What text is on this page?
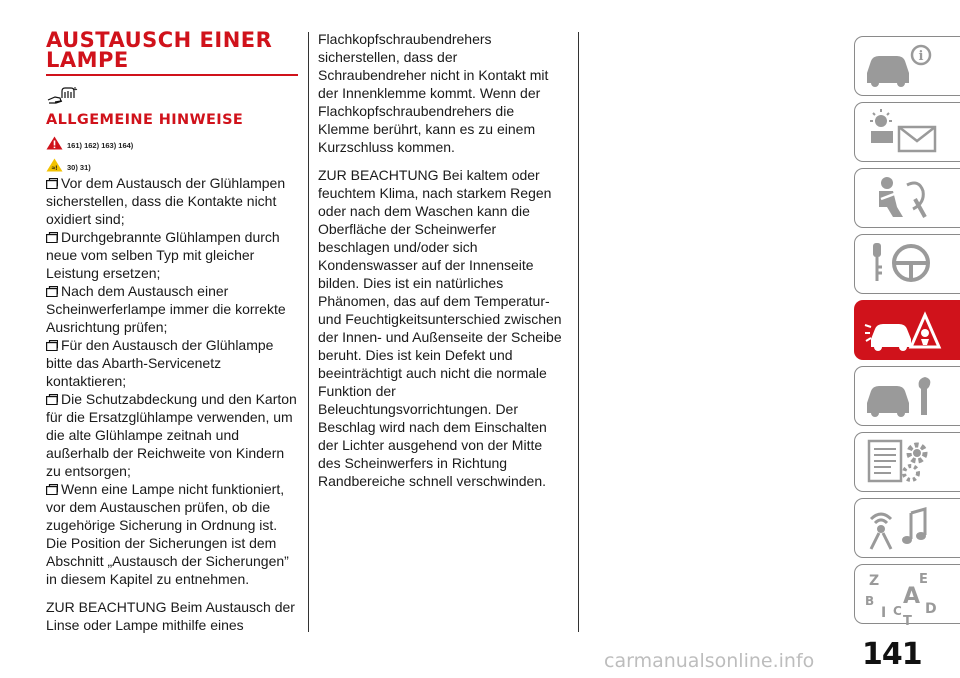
AUSTAUSCH EINER LAMPE
ALLGEMEINE HINWEISE
161) 162) 163) 164)
≈! 30) 31)

Vor dem Austausch der Glühlampen sicherstellen, dass die Kontakte nicht oxidiert sind;

Durchgebrannte Glühlampen durch neue vom selben Typ mit gleicher Leistung ersetzen;

Nach dem Austausch einer Scheinwerferlampe immer die korrekte Ausrichtung prüfen;

Für den Austausch der Glühlampe bitte das Abarth-Servicenetz kontaktieren;

Die Schutzabdeckung und den Karton für die Ersatzglühlampe verwenden, um die alte Glühlampe zeitnah und außerhalb der Reichweite von Kindern zu entsorgen;

Wenn eine Lampe nicht funktioniert, vor dem Austauschen prüfen, ob die zugehörige Sicherung in Ordnung ist. Die Position der Sicherungen ist dem Abschnitt „Austausch der Sicherungen” in diesem Kapitel zu entnehmen.

ZUR BEACHTUNG Beim Austausch der Linse oder Lampe mithilfe eines

Flachkopfschraubendrehers sicherstellen, dass der Schraubendreher nicht in Kontakt mit der Innenklemme kommt. Wenn der Flachkopfschraubendrehers die Klemme berührt, kann es zu einem Kurzschluss kommen.

ZUR BEACHTUNG Bei kaltem oder feuchtem Klima, nach starkem Regen oder nach dem Waschen kann die Oberfläche der Scheinwerfer beschlagen und/oder sich Kondenswasser auf der Innenseite bilden. Dies ist ein natürliches Phänomen, das auf dem Temperatur- und Feuchtigkeitsunterschied zwischen der Innen- und Außenseite der Scheibe beruht. Dies ist kein Defekt und beeinträchtigt auch nicht die normale Funktion der Beleuchtungsvorrichtungen. Der Beschlag wird nach dem Einschalten der Lichter ausgehend von der Mitte des Scheinwerfers in Richtung Randbereiche schnell verschwinden.

i
Z	E
B A
I C D
T
141
carmanualsonline.info
